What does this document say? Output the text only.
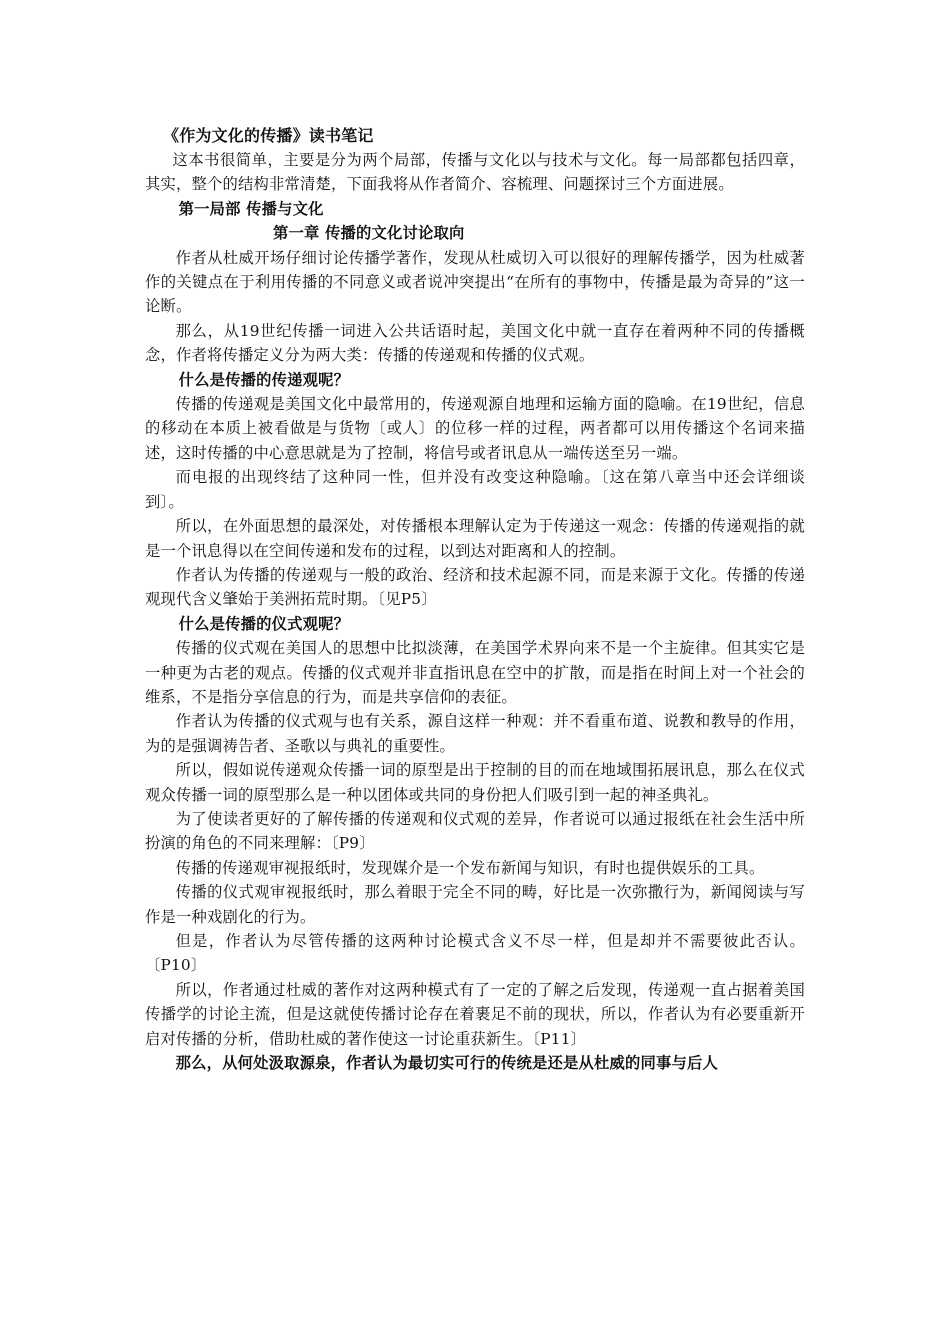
《作为文化的传播》读书笔记

这本书很简单，主要是分为两个局部，传播与文化以与技术与文化。每一局部都包括四章，其实，整个的结构非常清楚，下面我将从作者简介、容梳理、问题探讨三个方面进展。

第一局部 传播与文化

第一章 传播的文化讨论取向

作者从杜威开场仔细讨论传播学著作，发现从杜威切入可以很好的理解传播学，因为杜威著作的关键点在于利用传播的不同意义或者说冲突提出“在所有的事物中，传播是最为奇异的”这一论断。

那么，从19世纪传播一词进入公共话语时起，美国文化中就一直存在着两种不同的传播概念，作者将传播定义分为两大类：传播的传递观和传播的仪式观。

什么是传播的传递观呢？

传播的传递观是美国文化中最常用的，传递观源自地理和运输方面的隐喻。在19世纪，信息的移动在本质上被看做是与货物〔或人〕的位移一样的过程，两者都可以用传播这个名词来描述，这时传播的中心意思就是为了控制，将信号或者讯息从一端传送至另一端。

而电报的出现终结了这种同一性，但并没有改变这种隐喻。〔这在第八章当中还会详细谈到〕。

所以，在外面思想的最深处，对传播根本理解认定为于传递这一观念：传播的传递观指的就是一个讯息得以在空间传递和发布的过程，以到达对距离和人的控制。

作者认为传播的传递观与一般的政治、经济和技术起源不同，而是来源于文化。传播的传递观现代含义肇始于美洲拓荒时期。〔见P5〕

什么是传播的仪式观呢？

传播的仪式观在美国人的思想中比拟淡薄，在美国学术界向来不是一个主旋律。但其实它是一种更为古老的观点。传播的仪式观并非直指讯息在空中的扩散，而是指在时间上对一个社会的维系，不是指分享信息的行为，而是共享信仰的表征。

作者认为传播的仪式观与也有关系，源自这样一种观：并不看重布道、说教和教导的作用，为的是强调祷告者、圣歌以与典礼的重要性。

所以，假如说传递观众传播一词的原型是出于控制的目的而在地域围拓展讯息，那么在仪式观众传播一词的原型那么是一种以团体或共同的身份把人们吸引到一起的神圣典礼。

为了使读者更好的了解传播的传递观和仪式观的差异，作者说可以通过报纸在社会生活中所扮演的角色的不同来理解：〔P9〕

传播的传递观审视报纸时，发现媒介是一个发布新闻与知识，有时也提供娱乐的工具。

传播的仪式观审视报纸时，那么着眼于完全不同的畴，好比是一次弥撒行为，新闻阅读与写作是一种戏剧化的行为。

但是，作者认为尽管传播的这两种讨论模式含义不尽一样，但是却并不需要彼此否认。〔P10〕

所以，作者通过杜威的著作对这两种模式有了一定的了解之后发现，传递观一直占据着美国传播学的讨论主流，但是这就使传播讨论存在着裹足不前的现状，所以，作者认为有必要重新开启对传播的分析，借助杜威的著作使这一讨论重获新生。〔P11〕

那么，从何处汲取源泉，作者认为最切实可行的传统是还是从杜威的同事与后人
